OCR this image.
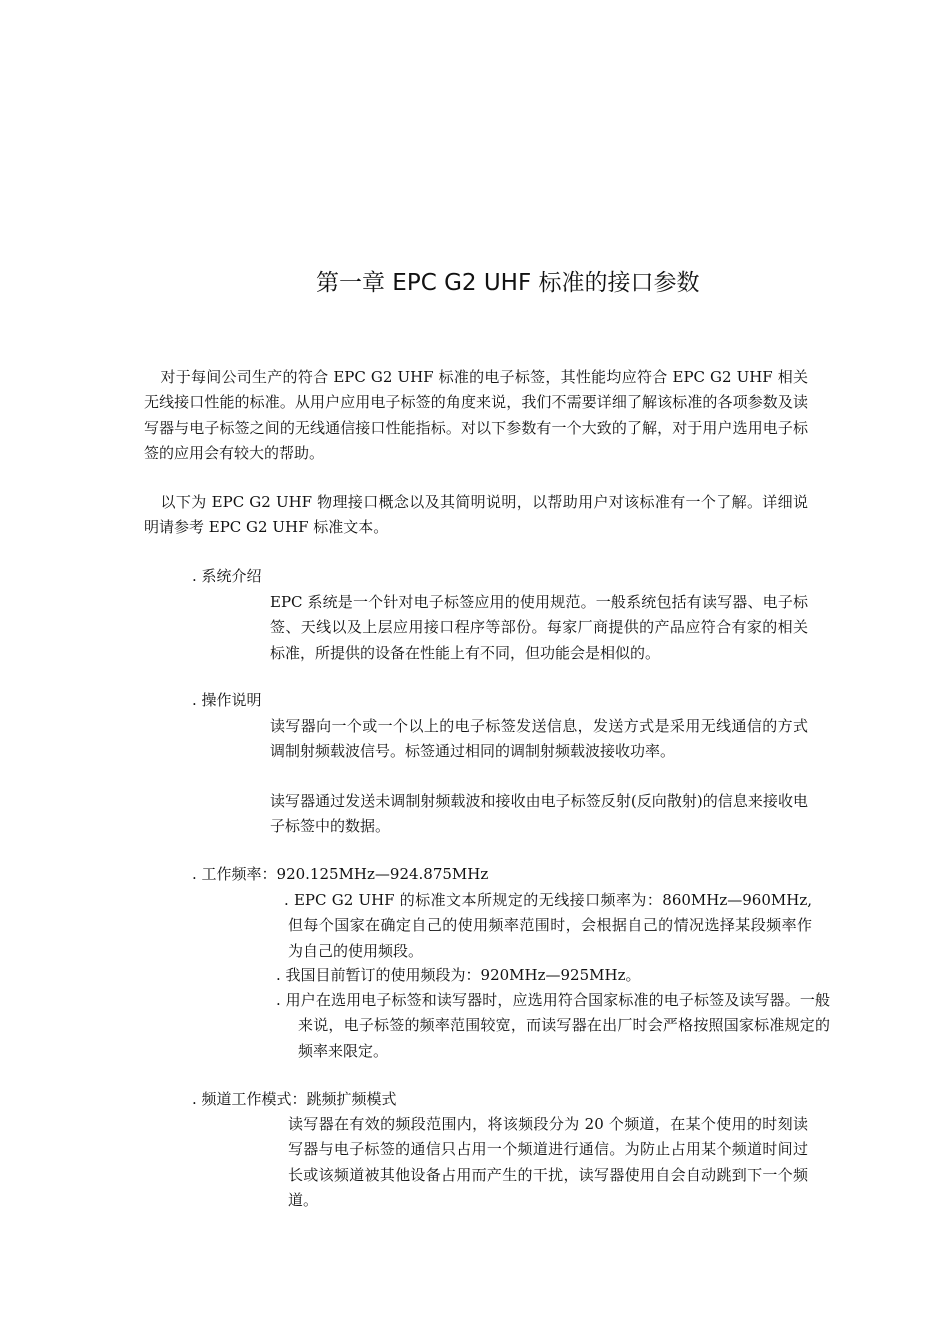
第一章 EPC G2 UHF 标准的接口参数
对于每间公司生产的符合 EPC G2 UHF 标准的电子标签，其性能均应符合 EPC G2 UHF 相关无线接口性能的标准。从用户应用电子标签的角度来说，我们不需要详细了解该标准的各项参数及读写器与电子标签之间的无线通信接口性能指标。对以下参数有一个大致的了解，对于用户选用电子标签的应用会有较大的帮助。
以下为 EPC G2 UHF 物理接口概念以及其简明说明，以帮助用户对该标准有一个了解。详细说明请参考 EPC G2 UHF 标准文本。
. 系统介绍
EPC 系统是一个针对电子标签应用的使用规范。一般系统包括有读写器、电子标签、天线以及上层应用接口程序等部份。每家厂商提供的产品应符合有家的相关标准，所提供的设备在性能上有不同，但功能会是相似的。
. 操作说明
读写器向一个或一个以上的电子标签发送信息，发送方式是采用无线通信的方式调制射频载波信号。标签通过相同的调制射频载波接收功率。
读写器通过发送未调制射频载波和接收由电子标签反射(反向散射)的信息来接收电子标签中的数据。
. 工作频率：920.125MHz—924.875MHz
. EPC G2 UHF 的标准文本所规定的无线接口频率为：860MHz—960MHz, 但每个国家在确定自己的使用频率范围时，会根据自己的情况选择某段频率作为自己的使用频段。
. 我国目前暂订的使用频段为：920MHz—925MHz。
. 用户在选用电子标签和读写器时，应选用符合国家标准的电子标签及读写器。一般来说，电子标签的频率范围较宽，而读写器在出厂时会严格按照国家标准规定的频率来限定。
. 频道工作模式：跳频扩频模式
读写器在有效的频段范围内，将该频段分为 20 个频道，在某个使用的时刻读写器与电子标签的通信只占用一个频道进行通信。为防止占用某个频道时间过长或该频道被其他设备占用而产生的干扰，读写器使用自会自动跳到下一个频道。
